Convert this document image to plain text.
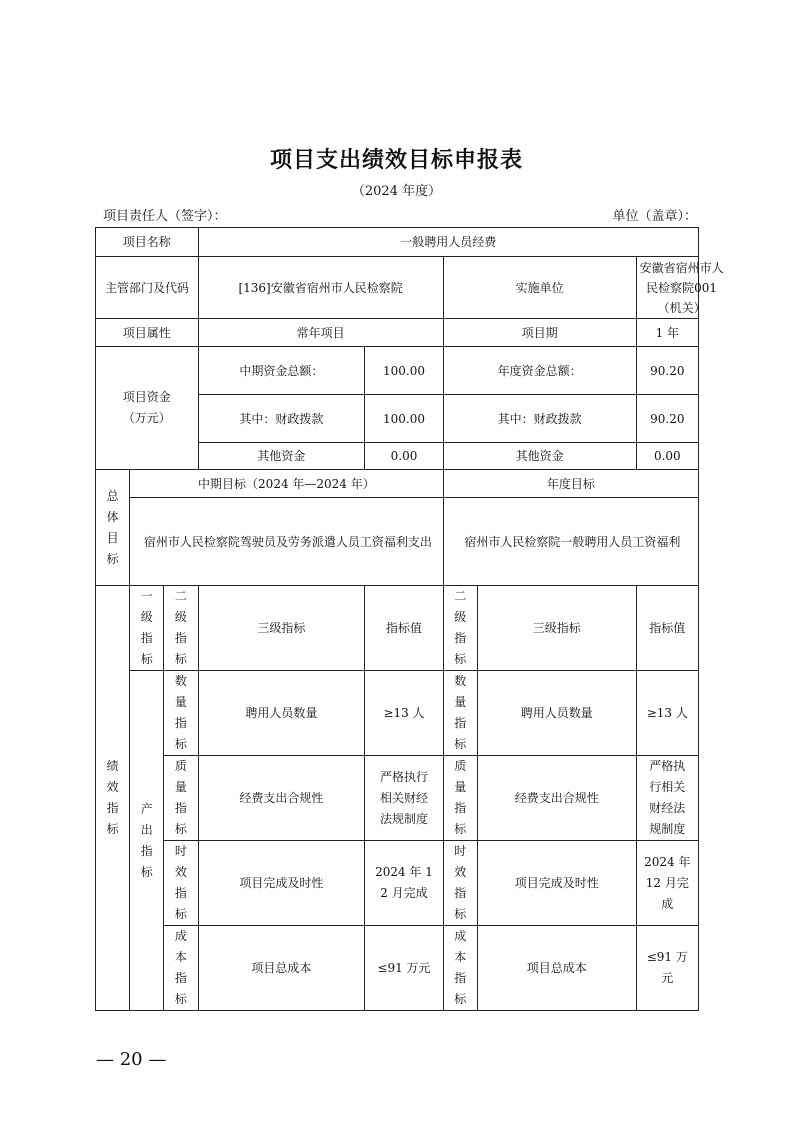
项目支出绩效目标申报表
（2024 年度）
项目责任人（签字）：	单位（盖章）：
项目名称			一般聘用人员经费				
主管部门及代码			[136]安徽省宿州市人民检察院		实施单位		安徽省宿州市人民检察院001（机关）
项目属性			常年项目		项目期		1 年
项目资金（万元）			中期资金总额：	100.00	年度资金总额：		90.20
			其中：财政拨款	100.00	其中：财政拨款		90.20
			其他资金	0.00	其他资金		0.00
总体目标	中期目标（2024 年—2024 年）				年度目标		
	宿州市人民检察院驾驶员及劳务派遣人员工资福利支出				宿州市人民检察院一般聘用人员工资福利		
绩效指标	一级指标	二级指标	三级指标	指标值	二级指标	三级指标	指标值
	产出指标	数量指标	聘用人员数量	≥13 人	数量指标	聘用人员数量	≥13 人
		质量指标	经费支出合规性	严格执行相关财经法规制度	质量指标	经费支出合规性	严格执行相关财经法规制度
		时效指标	项目完成及时性	2024 年 12 月完成	时效指标	项目完成及时性	2024 年 12 月完成
		成本指标	项目总成本	≤91 万元	成本指标	项目总成本	≤91 万元
— 20 —
